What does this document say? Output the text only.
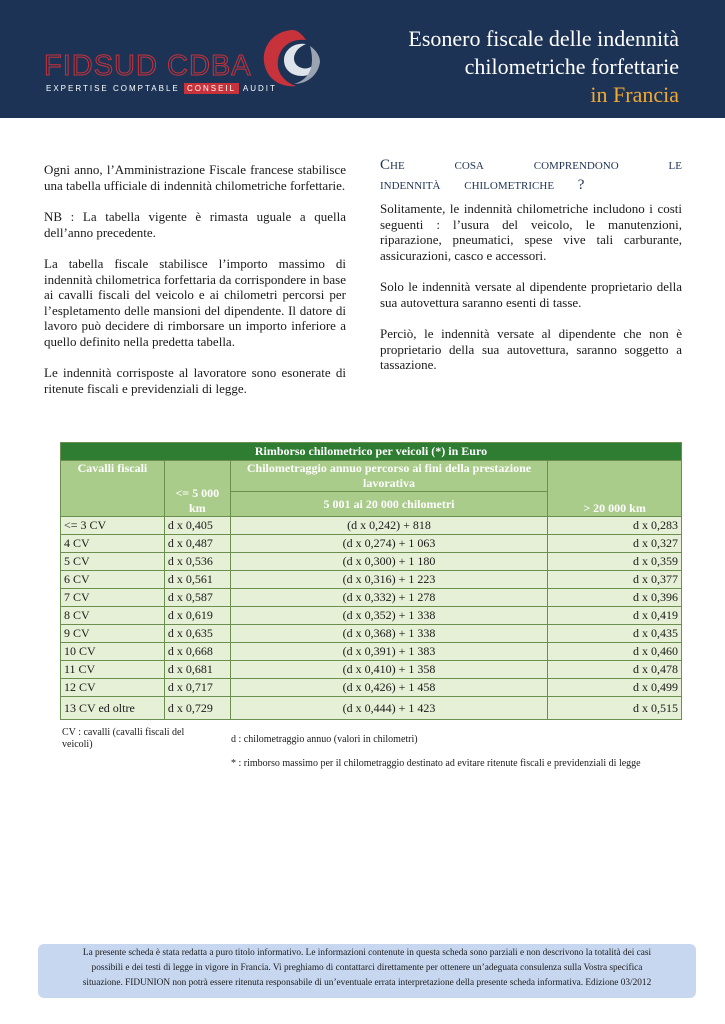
FIDSUD CDBA
EXPERTISE COMPTABLE CONSEIL AUDIT
Esonero fiscale delle indennità
chilometriche forfettarie
in Francia

Ogni anno, l’Amministrazione Fiscale francese stabilisce una tabella ufficiale di indennità chilometriche forfettarie.

NB : La tabella vigente è rimasta uguale a quella dell’anno precedente.

La tabella fiscale stabilisce l’importo massimo di indennità chilometrica forfettaria da corrispondere in base ai cavalli fiscali del veicolo e ai chilometri percorsi per l’espletamento delle mansioni del dipendente. Il datore di lavoro può decidere di rimborsare un importo inferiore a quello definito nella predetta tabella.

Le indennità corrisposte al lavoratore sono esonerate di ritenute fiscali e previdenziali di legge.

Che cosa comprendono le indennità chilometriche ?

Solitamente, le indennità chilometriche includono i costi seguenti : l’usura del veicolo, le manutenzioni, riparazione, pneumatici, spese vive tali carburante, assicurazioni, casco e accessori.

Solo le indennità versate al dipendente proprietario della sua autovettura saranno esenti di tasse.

Perciò, le indennità versate al dipendente che non è proprietario della sua autovettura, saranno soggetto a tassazione.

Rimborso chilometrico per veicoli (*) in Euro			
Cavalli fiscali	<= 5 000 km	Chilometraggio annuo percorso ai fini della prestazione lavorativa	> 20 000 km
		5 001 ai 20 000 chilometri	
<= 3 CV	d x 0,405	(d x 0,242) + 818	d x 0,283
4 CV	d x 0,487	(d x 0,274) + 1 063	d x 0,327
5 CV	d x 0,536	(d x 0,300) + 1 180	d x 0,359
6 CV	d x 0,561	(d x 0,316) + 1 223	d x 0,377
7 CV	d x 0,587	(d x 0,332) + 1 278	d x 0,396
8 CV	d x 0,619	(d x 0,352) + 1 338	d x 0,419
9 CV	d x 0,635	(d x 0,368) + 1 338	d x 0,435
10 CV	d x 0,668	(d x 0,391) + 1 383	d x 0,460
11 CV	d x 0,681	(d x 0,410) + 1 358	d x 0,478
12 CV	d x 0,717	(d x 0,426) + 1 458	d x 0,499
13 CV ed oltre	d x 0,729	(d x 0,444) + 1 423	d x 0,515
CV : cavalli (cavalli fiscali del veicoli)	d : chilometraggio annuo (valori in chilometri)
* : rimborso massimo per il chilometraggio destinato ad evitare ritenute fiscali e previdenziali di legge
La presente scheda è stata redatta a puro titolo informativo. Le informazioni contenute in questa scheda sono parziali e non descrivono la totalità dei casi
possibili e dei testi di legge in vigore in Francia. Vi preghiamo di contattarci direttamente per ottenere un’adeguata consulenza sulla Vostra specifica
situazione. FIDUNION non potrà essere ritenuta responsabile di un’eventuale errata interpretazione della presente scheda informativa. Edizione 03/2012
